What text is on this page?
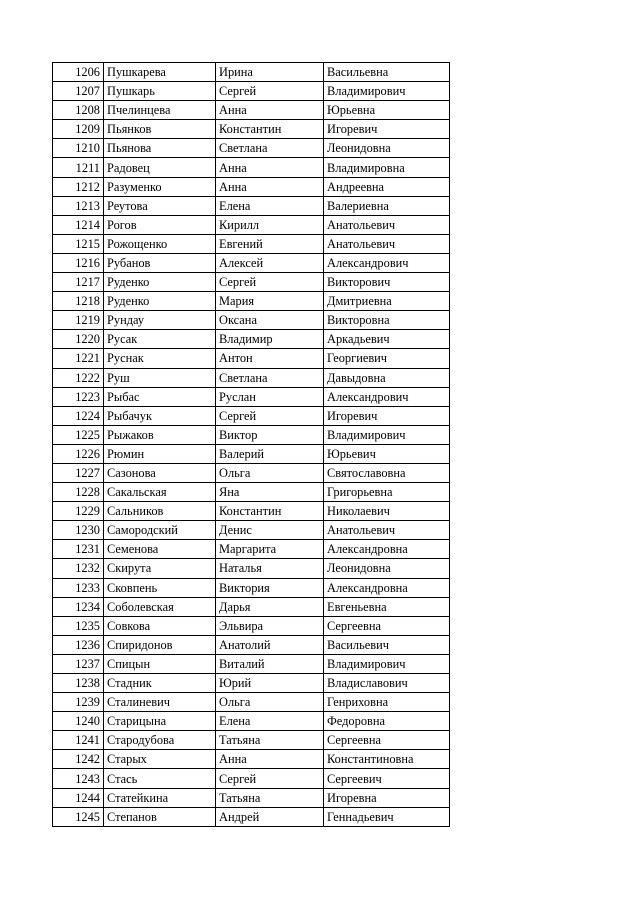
1206	Пушкарева	Ирина	Васильевна
1207	Пушкарь	Сергей	Владимирович
1208	Пчелинцева	Анна	Юрьевна
1209	Пьянков	Константин	Игоревич
1210	Пьянова	Светлана	Леонидовна
1211	Радовец	Анна	Владимировна
1212	Разуменко	Анна	Андреевна
1213	Реутова	Елена	Валериевна
1214	Рогов	Кирилл	Анатольевич
1215	Рожощенко	Евгений	Анатольевич
1216	Рубанов	Алексей	Александрович
1217	Руденко	Сергей	Викторович
1218	Руденко	Мария	Дмитриевна
1219	Рундау	Оксана	Викторовна
1220	Русак	Владимир	Аркадьевич
1221	Руснак	Антон	Георгиевич
1222	Руш	Светлана	Давыдовна
1223	Рыбас	Руслан	Александрович
1224	Рыбачук	Сергей	Игоревич
1225	Рыжаков	Виктор	Владимирович
1226	Рюмин	Валерий	Юрьевич
1227	Сазонова	Ольга	Святославовна
1228	Сакальская	Яна	Григорьевна
1229	Сальников	Константин	Николаевич
1230	Самородский	Денис	Анатольевич
1231	Семенова	Маргарита	Александровна
1232	Скирута	Наталья	Леонидовна
1233	Сковпень	Виктория	Александровна
1234	Соболевская	Дарья	Евгеньевна
1235	Совкова	Эльвира	Сергеевна
1236	Спиридонов	Анатолий	Васильевич
1237	Спицын	Виталий	Владимирович
1238	Стадник	Юрий	Владиславович
1239	Сталиневич	Ольга	Генриховна
1240	Старицына	Елена	Федоровна
1241	Стародубова	Татьяна	Сергеевна
1242	Старых	Анна	Константиновна
1243	Стась	Сергей	Сергеевич
1244	Статейкина	Татьяна	Игоревна
1245	Степанов	Андрей	Геннадьевич
